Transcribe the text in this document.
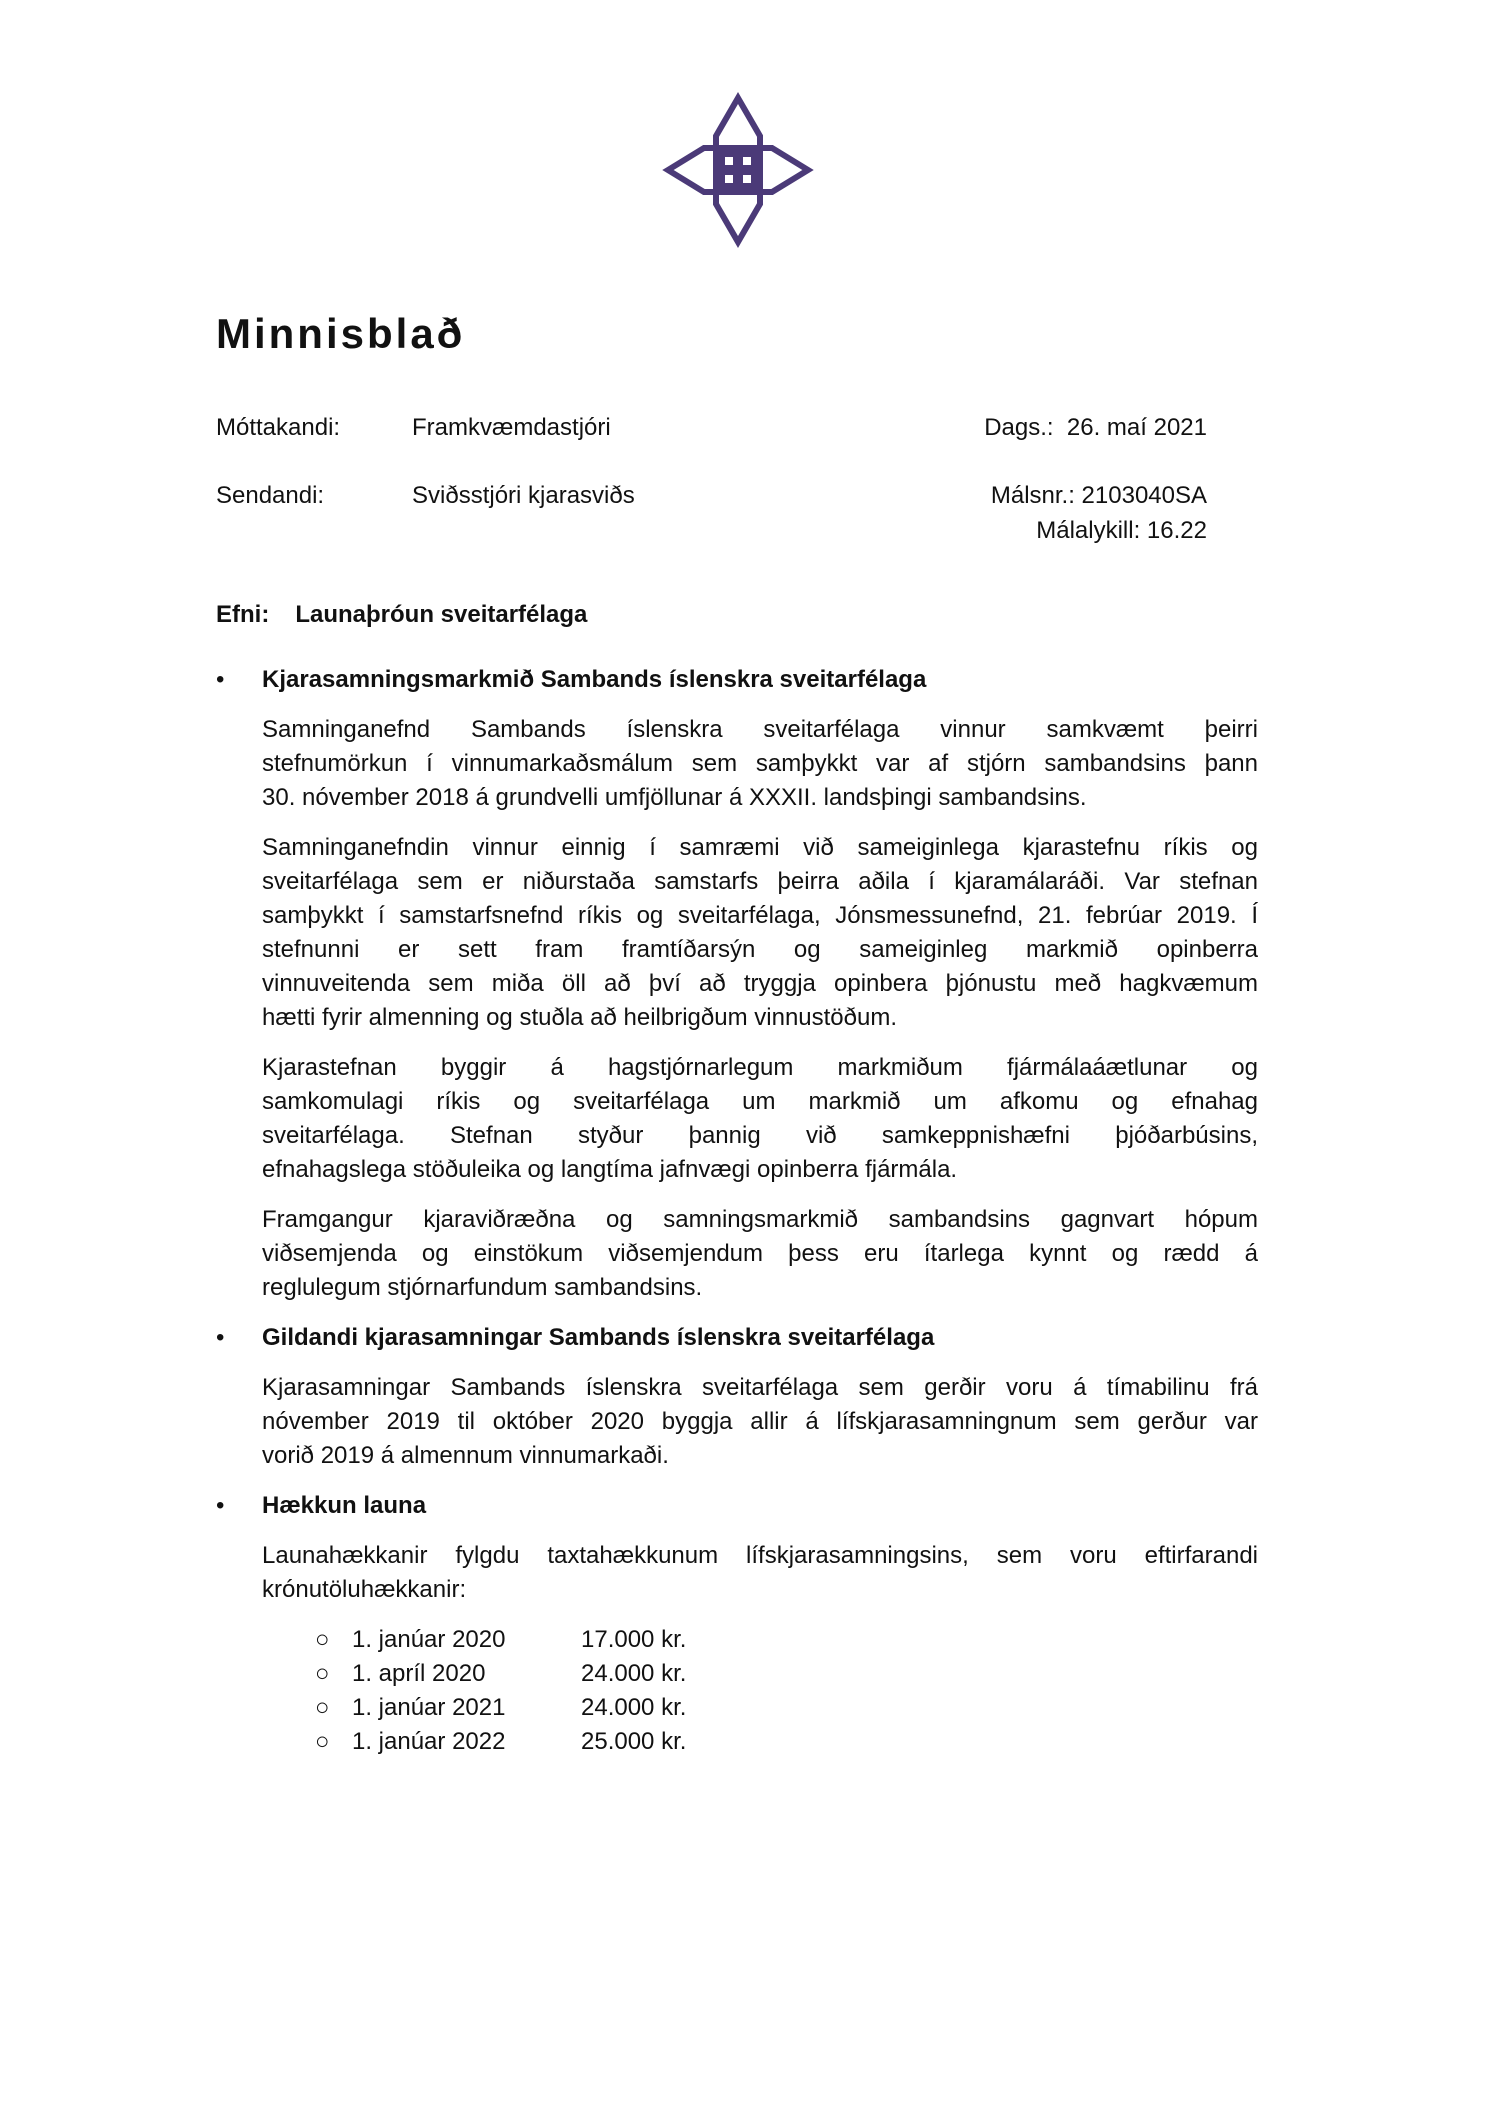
Minnisblað
Móttakandi:	Framkvæmdastjóri	Dags.:  26. maí 2021
Sendandi:	Sviðsstjóri kjarasviðs	Málsnr.: 2103040SA
Málalykill: 16.22
Efni: Launaþróun sveitarfélaga
• Kjarasamningsmarkmið Sambands íslenskra sveitarfélaga
Samninganefnd Sambands íslenskra sveitarfélaga vinnur samkvæmt þeirri
stefnumörkun í vinnumarkaðsmálum sem samþykkt var af stjórn sambandsins þann
30. nóvember 2018 á grundvelli umfjöllunar á XXXII. landsþingi sambandsins.
Samninganefndin vinnur einnig í samræmi við sameiginlega kjarastefnu ríkis og
sveitarfélaga sem er niðurstaða samstarfs þeirra aðila í kjaramálaráði. Var stefnan
samþykkt í samstarfsnefnd ríkis og sveitarfélaga, Jónsmessunefnd, 21. febrúar 2019. Í
stefnunni er sett fram framtíðarsýn og sameiginleg markmið opinberra
vinnuveitenda sem miða öll að því að tryggja opinbera þjónustu með hagkvæmum
hætti fyrir almenning og stuðla að heilbrigðum vinnustöðum.
Kjarastefnan byggir á hagstjórnarlegum markmiðum fjármálaáætlunar og
samkomulagi ríkis og sveitarfélaga um markmið um afkomu og efnahag
sveitarfélaga. Stefnan styður þannig við samkeppnishæfni þjóðarbúsins,
efnahagslega stöðuleika og langtíma jafnvægi opinberra fjármála.
Framgangur kjaraviðræðna og samningsmarkmið sambandsins gagnvart hópum
viðsemjenda og einstökum viðsemjendum þess eru ítarlega kynnt og rædd á
reglulegum stjórnarfundum sambandsins.
• Gildandi kjarasamningar Sambands íslenskra sveitarfélaga
Kjarasamningar Sambands íslenskra sveitarfélaga sem gerðir voru á tímabilinu frá
nóvember 2019 til október 2020 byggja allir á lífskjarasamningnum sem gerður var
vorið 2019 á almennum vinnumarkaði.
• Hækkun launa
Launahækkanir fylgdu taxtahækkunum lífskjarasamningsins, sem voru eftirfarandi
krónutöluhækkanir:
○ 1. janúar 2020	17.000 kr.
○ 1. apríl 2020	24.000 kr.
○ 1. janúar 2021	24.000 kr.
○ 1. janúar 2022	25.000 kr.
